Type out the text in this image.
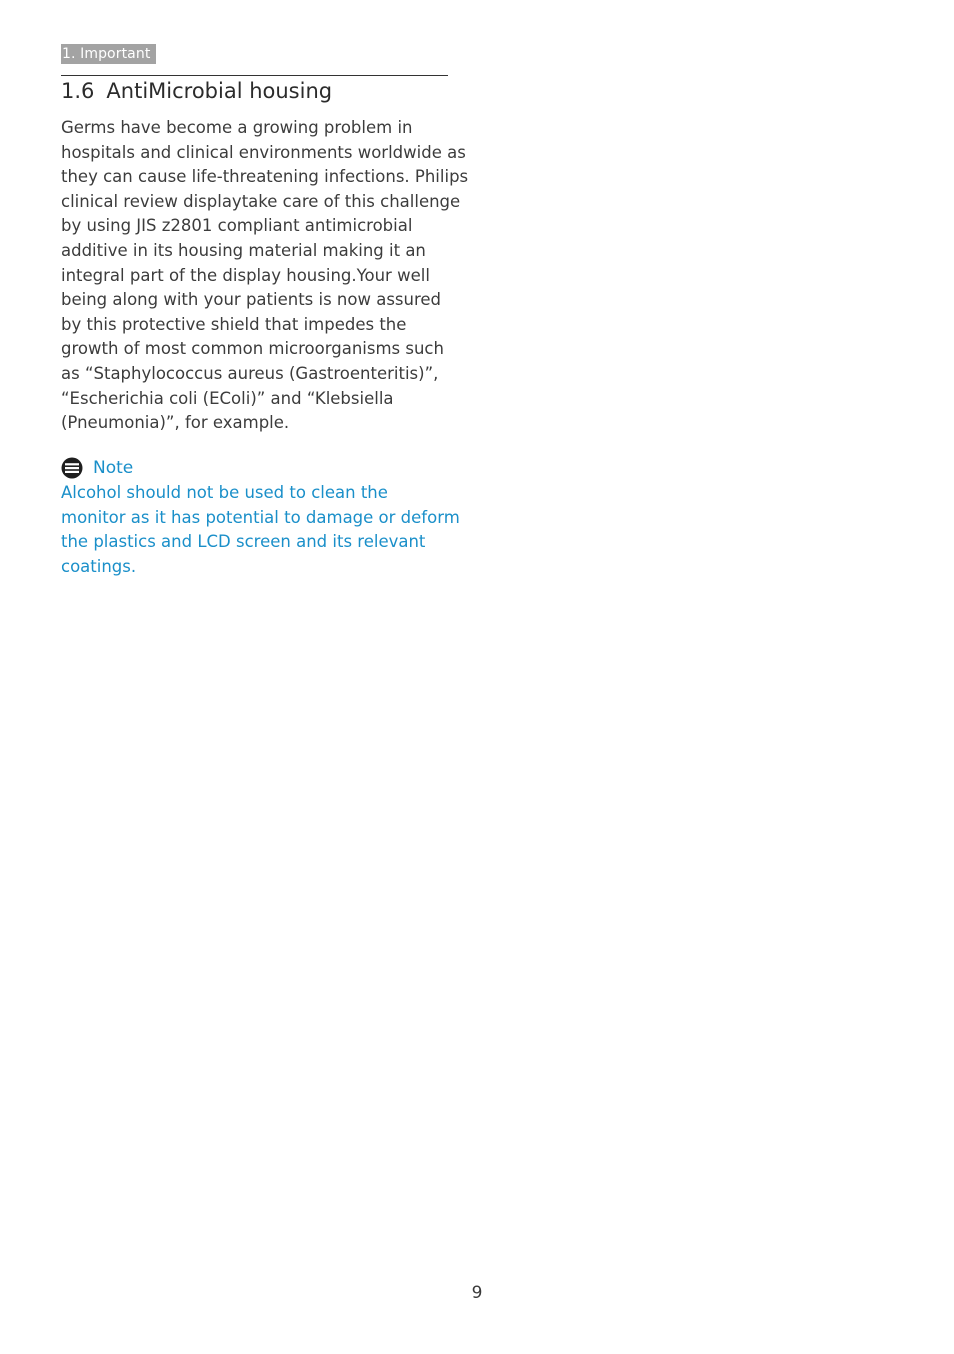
1. Important
1.6 AntiMicrobial housing
Germs have become a growing problem in
hospitals and clinical environments worldwide as
they can cause life-threatening infections. Philips
clinical review displaytake care of this challenge
by using JIS z2801 compliant antimicrobial
additive in its housing material making it an
integral part of the display housing.Your well
being along with your patients is now assured
by this protective shield that impedes the
growth of most common microorganisms such
as “Staphylococcus aureus (Gastroenteritis)”,
“Escherichia coli (EColi)” and “Klebsiella
(Pneumonia)”, for example.
Note
Alcohol should not be used to clean the
monitor as it has potential to damage or deform
the plastics and LCD screen and its relevant
coatings.
9
